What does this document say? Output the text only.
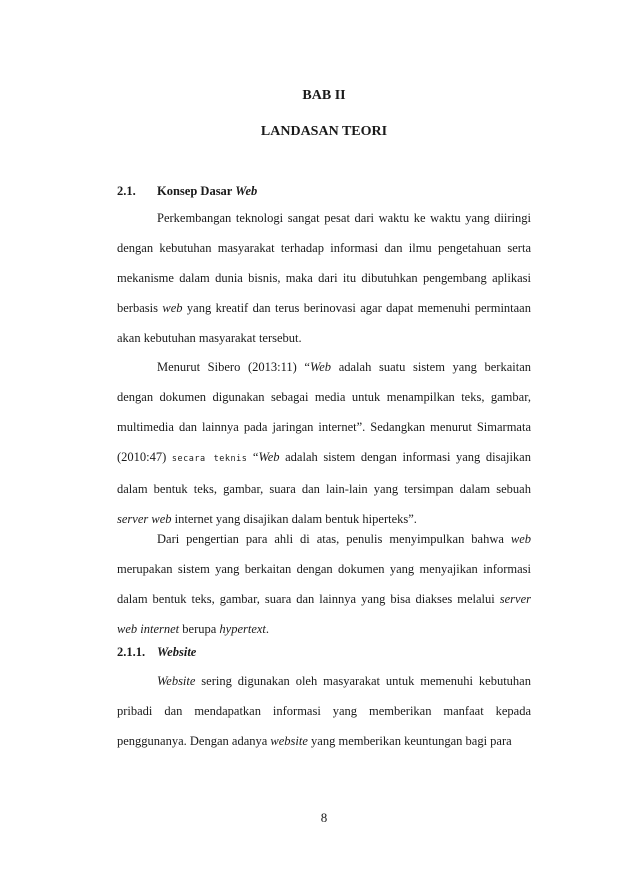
BAB II
LANDASAN TEORI
2.1. Konsep Dasar Web

Perkembangan teknologi sangat pesat dari waktu ke waktu yang diiringi dengan kebutuhan masyarakat terhadap informasi dan ilmu pengetahuan serta mekanisme dalam dunia bisnis, maka dari itu dibutuhkan pengembang aplikasi berbasis web yang kreatif dan terus berinovasi agar dapat memenuhi permintaan akan kebutuhan masyarakat tersebut.

Menurut Sibero (2013:11) “Web adalah suatu sistem yang berkaitan dengan dokumen digunakan sebagai media untuk menampilkan teks, gambar, multimedia dan lainnya pada jaringan internet”. Sedangkan menurut Simarmata (2010:47) secara teknis “Web adalah sistem dengan informasi yang disajikan dalam bentuk teks, gambar, suara dan lain-lain yang tersimpan dalam sebuah server web internet yang disajikan dalam bentuk hiperteks”.

Dari pengertian para ahli di atas, penulis menyimpulkan bahwa web merupakan sistem yang berkaitan dengan dokumen yang menyajikan informasi dalam bentuk teks, gambar, suara dan lainnya yang bisa diakses melalui server web internet berupa hypertext.

2.1.1. Website

Website sering digunakan oleh masyarakat untuk memenuhi kebutuhan pribadi dan mendapatkan informasi yang memberikan manfaat kepada penggunanya. Dengan adanya website yang memberikan keuntungan bagi para

8
